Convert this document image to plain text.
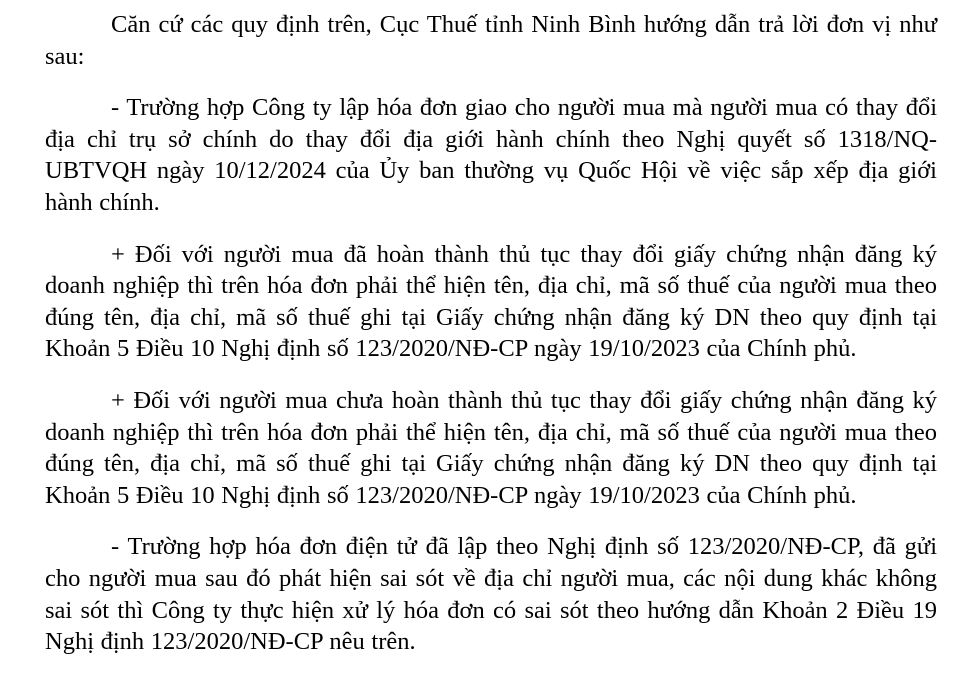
Căn cứ các quy định trên, Cục Thuế tỉnh Ninh Bình hướng dẫn trả lời đơn vị như sau:

- Trường hợp Công ty lập hóa đơn giao cho người mua mà người mua có thay đổi địa chỉ trụ sở chính do thay đổi địa giới hành chính theo Nghị quyết số 1318/NQ-UBTVQH ngày 10/12/2024 của Ủy ban thường vụ Quốc Hội về việc sắp xếp địa giới hành chính.

+ Đối với người mua đã hoàn thành thủ tục thay đổi giấy chứng nhận đăng ký doanh nghiệp thì trên hóa đơn phải thể hiện tên, địa chỉ, mã số thuế của người mua theo đúng tên, địa chỉ, mã số thuế ghi tại Giấy chứng nhận đăng ký DN theo quy định tại Khoản 5 Điều 10 Nghị định số 123/2020/NĐ-CP ngày 19/10/2023 của Chính phủ.

+ Đối với người mua chưa hoàn thành thủ tục thay đổi giấy chứng nhận đăng ký doanh nghiệp thì trên hóa đơn phải thể hiện tên, địa chỉ, mã số thuế của người mua theo đúng tên, địa chỉ, mã số thuế ghi tại Giấy chứng nhận đăng ký DN theo quy định tại Khoản 5 Điều 10 Nghị định số 123/2020/NĐ-CP ngày 19/10/2023 của Chính phủ.

- Trường hợp hóa đơn điện tử đã lập theo Nghị định số 123/2020/NĐ-CP, đã gửi cho người mua sau đó phát hiện sai sót về địa chỉ người mua, các nội dung khác không sai sót thì Công ty thực hiện xử lý hóa đơn có sai sót theo hướng dẫn Khoản 2 Điều 19 Nghị định 123/2020/NĐ-CP nêu trên.
